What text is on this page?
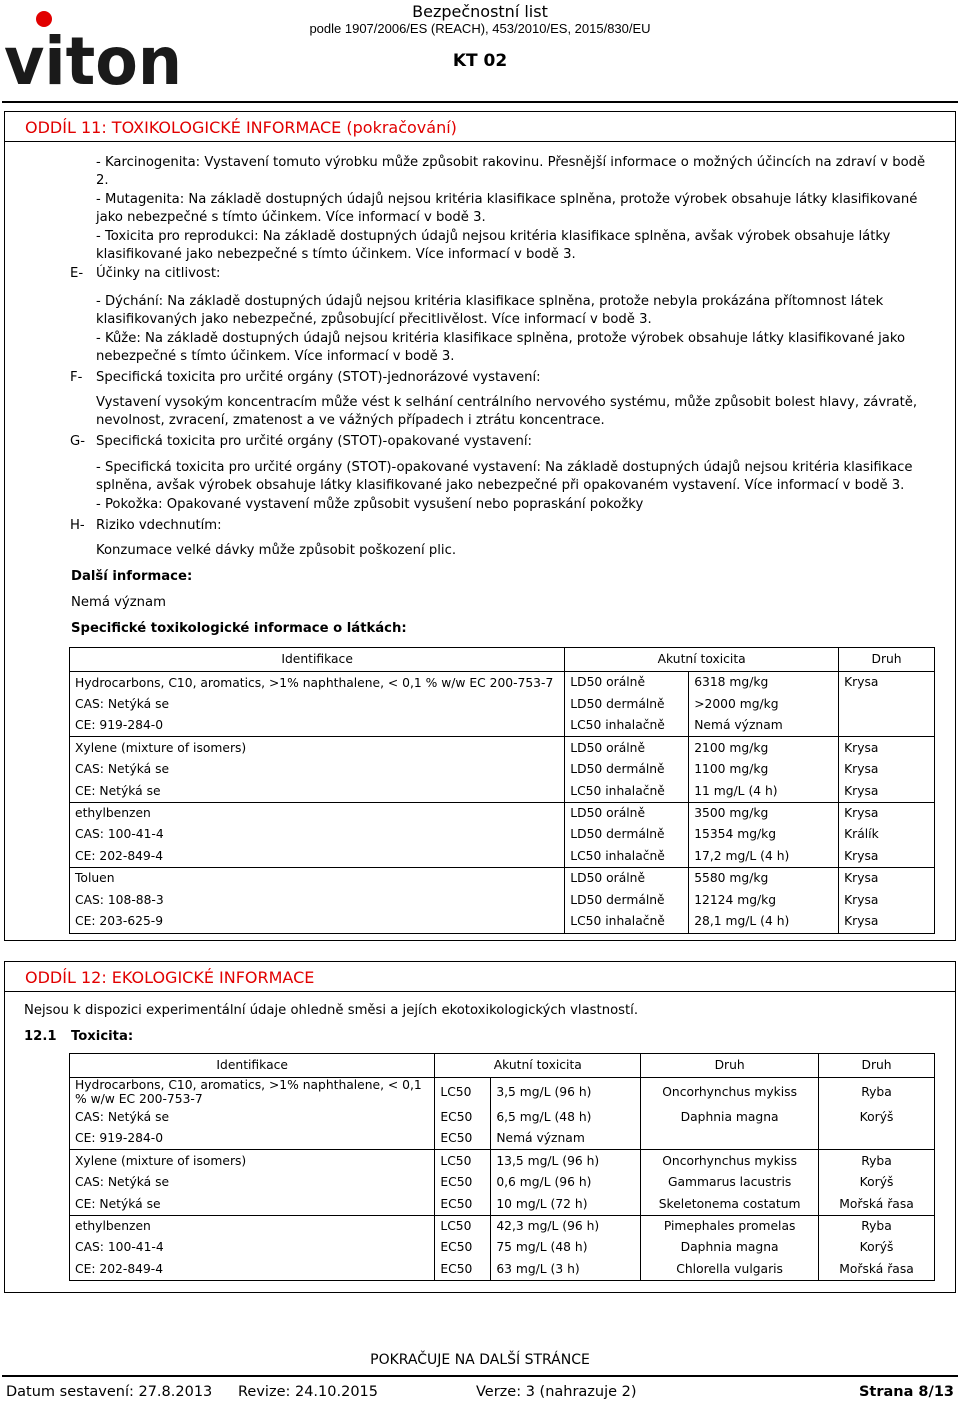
viton
Bezpečnostní list
podle 1907/2006/ES (REACH), 453/2010/ES, 2015/830/EU
KT 02
ODDÍL 11: TOXIKOLOGICKÉ INFORMACE (pokračování)
- Karcinogenita: Vystavení tomuto výrobku může způsobit rakovinu. Přesnější informace o možných účincích na zdraví v bodě 2.
- Mutagenita: Na základě dostupných údajů nejsou kritéria klasifikace splněna, protože výrobek obsahuje látky klasifikované jako nebezpečné s tímto účinkem. Více informací v bodě 3.
- Toxicita pro reprodukci: Na základě dostupných údajů nejsou kritéria klasifikace splněna, avšak výrobek obsahuje látky klasifikované jako nebezpečné s tímto účinkem. Více informací v bodě 3.
E- Účinky na citlivost:
- Dýchání: Na základě dostupných údajů nejsou kritéria klasifikace splněna, protože nebyla prokázána přítomnost látek klasifikovaných jako nebezpečné, způsobující přecitlivělost. Více informací v bodě 3.
- Kůže: Na základě dostupných údajů nejsou kritéria klasifikace splněna, protože výrobek obsahuje látky klasifikované jako nebezpečné s tímto účinkem. Více informací v bodě 3.
F- Specifická toxicita pro určité orgány (STOT)-jednorázové vystavení:
Vystavení vysokým koncentracím může vést k selhání centrálního nervového systému, může způsobit bolest hlavy, závratě, nevolnost, zvracení, zmatenost a ve vážných případech i ztrátu koncentrace.
G- Specifická toxicita pro určité orgány (STOT)-opakované vystavení:
- Specifická toxicita pro určité orgány (STOT)-opakované vystavení: Na základě dostupných údajů nejsou kritéria klasifikace splněna, avšak výrobek obsahuje látky klasifikované jako nebezpečné při opakovaném vystavení. Více informací v bodě 3.
- Pokožka: Opakované vystavení může způsobit vysušení nebo popraskání pokožky
H- Riziko vdechnutím:
Konzumace velké dávky může způsobit poškození plic.
Další informace:
Nemá význam
Specifické toxikologické informace o látkách:
Identifikace	Akutní toxicita		Druh
Hydrocarbons, C10, aromatics, >1% naphthalene, < 0,1 % w/w EC 200-753-7	LD50 orálně	6318 mg/kg	Krysa
CAS: Netýká se	LD50 dermálně	>2000 mg/kg	
CE: 919-284-0	LC50 inhalačně	Nemá význam	
Xylene (mixture of isomers)	LD50 orálně	2100 mg/kg	Krysa
CAS: Netýká se	LD50 dermálně	1100 mg/kg	Krysa
CE: Netýká se	LC50 inhalačně	11 mg/L (4 h)	Krysa
ethylbenzen	LD50 orálně	3500 mg/kg	Krysa
CAS: 100-41-4	LD50 dermálně	15354 mg/kg	Králík
CE: 202-849-4	LC50 inhalačně	17,2 mg/L (4 h)	Krysa
Toluen	LD50 orálně	5580 mg/kg	Krysa
CAS: 108-88-3	LD50 dermálně	12124 mg/kg	Krysa
CE: 203-625-9	LC50 inhalačně	28,1 mg/L (4 h)	Krysa
ODDÍL 12: EKOLOGICKÉ INFORMACE
Nejsou k dispozici experimentální údaje ohledně směsi a jejích ekotoxikologických vlastností.
12.1 Toxicita:
Identifikace	Akutní toxicita		Druh	Druh
Hydrocarbons, C10, aromatics, >1% naphthalene, < 0,1 % w/w EC 200-753-7	LC50	3,5 mg/L (96 h)	Oncorhynchus mykiss	Ryba
CAS: Netýká se	EC50	6,5 mg/L (48 h)	Daphnia magna	Korýš
CE: 919-284-0	EC50	Nemá význam		
Xylene (mixture of isomers)	LC50	13,5 mg/L (96 h)	Oncorhynchus mykiss	Ryba
CAS: Netýká se	EC50	0,6 mg/L (96 h)	Gammarus lacustris	Korýš
CE: Netýká se	EC50	10 mg/L (72 h)	Skeletonema costatum	Mořská řasa
ethylbenzen	LC50	42,3 mg/L (96 h)	Pimephales promelas	Ryba
CAS: 100-41-4	EC50	75 mg/L (48 h)	Daphnia magna	Korýš
CE: 202-849-4	EC50	63 mg/L (3 h)	Chlorella vulgaris	Mořská řasa
POKRAČUJE NA DALŠÍ STRÁNCE
Datum sestavení: 27.8.2013 Revize: 24.10.2015	Verze: 3 (nahrazuje 2)	Strana 8/13
